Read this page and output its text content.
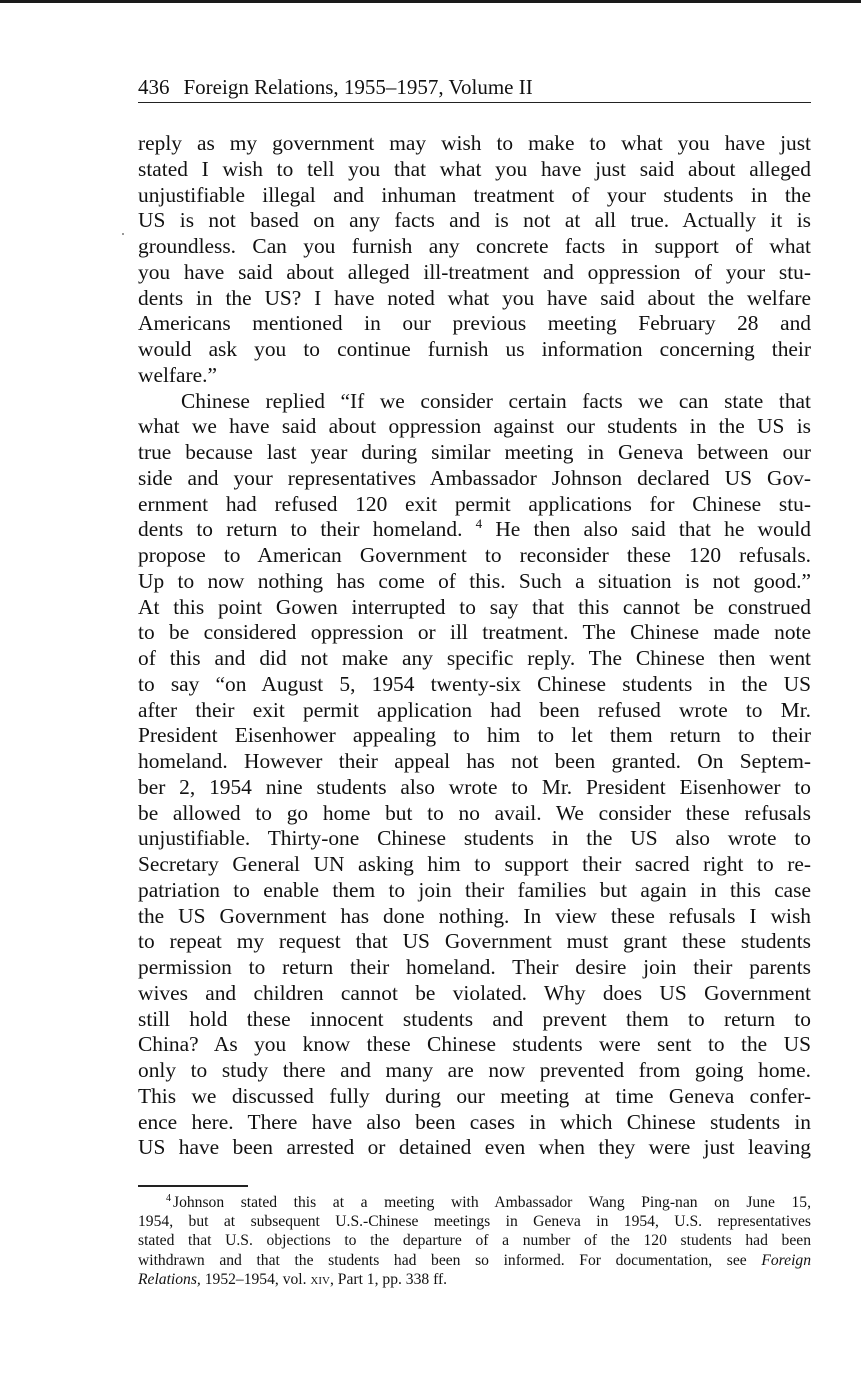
436 Foreign Relations, 1955–1957, Volume II
reply as my government may wish to make to what you have just
stated I wish to tell you that what you have just said about alleged
unjustifiable illegal and inhuman treatment of your students in the
US is not based on any facts and is not at all true. Actually it is
groundless. Can you furnish any concrete facts in support of what
you have said about alleged ill-treatment and oppression of your stu-
dents in the US? I have noted what you have said about the welfare
Americans mentioned in our previous meeting February 28 and
would ask you to continue furnish us information concerning their
welfare.”
Chinese replied “If we consider certain facts we can state that
what we have said about oppression against our students in the US is
true because last year during similar meeting in Geneva between our
side and your representatives Ambassador Johnson declared US Gov-
ernment had refused 120 exit permit applications for Chinese stu-
dents to return to their homeland. $^4$ He then also said that he would
propose to American Government to reconsider these 120 refusals.
Up to now nothing has come of this. Such a situation is not good.”
At this point Gowen interrupted to say that this cannot be construed
to be considered oppression or ill treatment. The Chinese made note
of this and did not make any specific reply. The Chinese then went
to say “on August 5, 1954 twenty-six Chinese students in the US
after their exit permit application had been refused wrote to Mr.
President Eisenhower appealing to him to let them return to their
homeland. However their appeal has not been granted. On Septem-
ber 2, 1954 nine students also wrote to Mr. President Eisenhower to
be allowed to go home but to no avail. We consider these refusals
unjustifiable. Thirty-one Chinese students in the US also wrote to
Secretary General UN asking him to support their sacred right to re-
patriation to enable them to join their families but again in this case
the US Government has done nothing. In view these refusals I wish
to repeat my request that US Government must grant these students
permission to return their homeland. Their desire join their parents
wives and children cannot be violated. Why does US Government
still hold these innocent students and prevent them to return to
China? As you know these Chinese students were sent to the US
only to study there and many are now prevented from going home.
This we discussed fully during our meeting at time Geneva confer-
ence here. There have also been cases in which Chinese students in
US have been arrested or detained even when they were just leaving
$^4$ Johnson stated this at a meeting with Ambassador Wang Ping-nan on June 15,
1954, but at subsequent U.S.-Chinese meetings in Geneva in 1954, U.S. representatives
stated that U.S. objections to the departure of a number of the 120 students had been
withdrawn and that the students had been so informed. For documentation, see Foreign
Relations, 1952–1954, vol. xiv, Part 1, pp. 338 ff.
